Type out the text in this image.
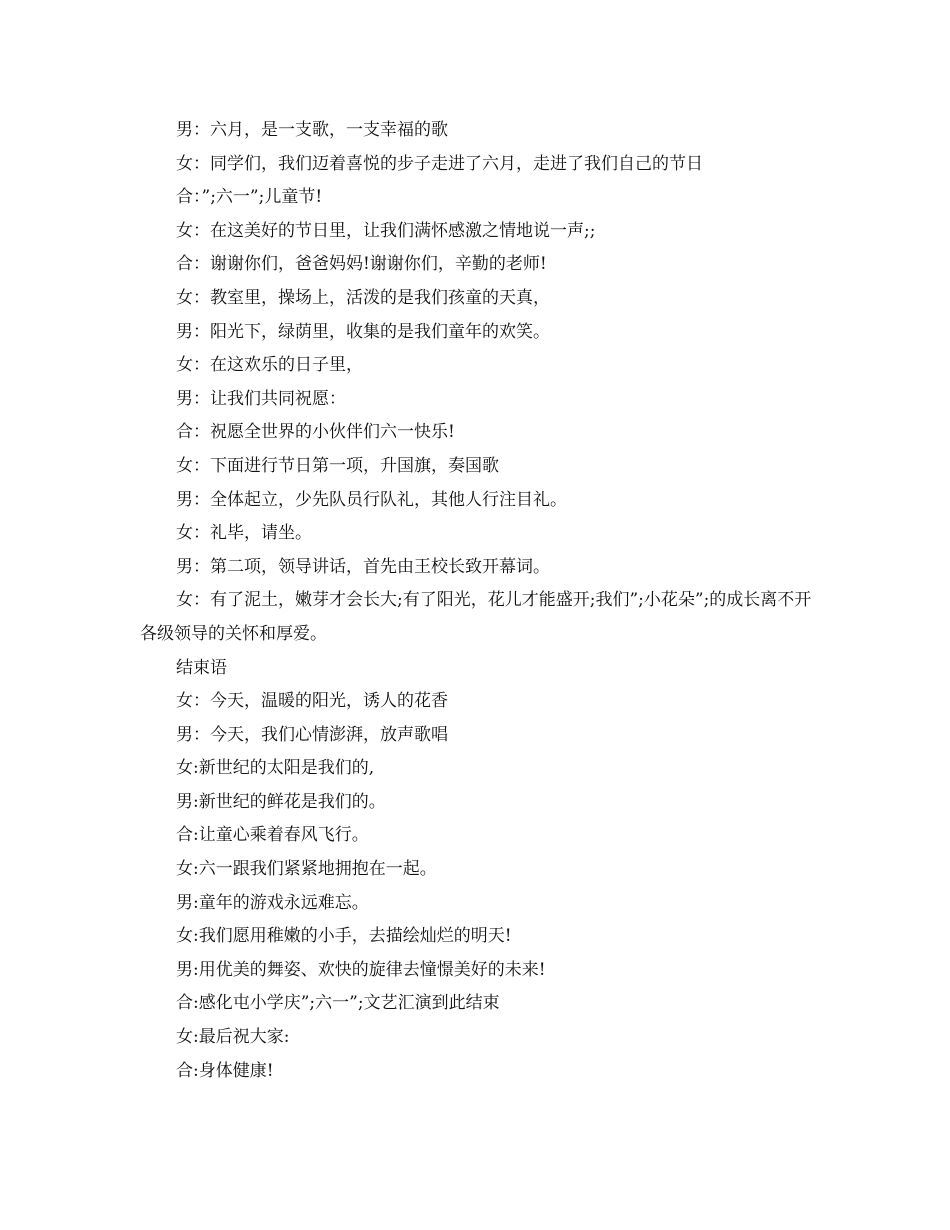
男：六月，是一支歌，一支幸福的歌

女：同学们，我们迈着喜悦的步子走进了六月，走进了我们自己的节日

合：”;六一”;儿童节!

女：在这美好的节日里，让我们满怀感激之情地说一声;;

合：谢谢你们，爸爸妈妈!谢谢你们，辛勤的老师!

女：教室里，操场上，活泼的是我们孩童的天真，

男：阳光下，绿荫里，收集的是我们童年的欢笑。

女：在这欢乐的日子里，

男：让我们共同祝愿：

合：祝愿全世界的小伙伴们六一快乐!

女：下面进行节日第一项，升国旗，奏国歌

男：全体起立，少先队员行队礼，其他人行注目礼。

女：礼毕，请坐。

男：第二项，领导讲话，首先由王校长致开幕词。

女：有了泥土，嫩芽才会长大;有了阳光，花儿才能盛开;我们”;小花朵”;的成长离不开各级领导的关怀和厚爱。

结束语

女：今天，温暖的阳光，诱人的花香

男：今天，我们心情澎湃，放声歌唱

女:新世纪的太阳是我们的,

男:新世纪的鲜花是我们的。

合:让童心乘着春风飞行。

女:六一跟我们紧紧地拥抱在一起。

男:童年的游戏永远难忘。

女:我们愿用稚嫩的小手，去描绘灿烂的明天!

男:用优美的舞姿、欢快的旋律去憧憬美好的未来!

合:感化屯小学庆”;六一”;文艺汇演到此结束

女:最后祝大家:

合:身体健康!
